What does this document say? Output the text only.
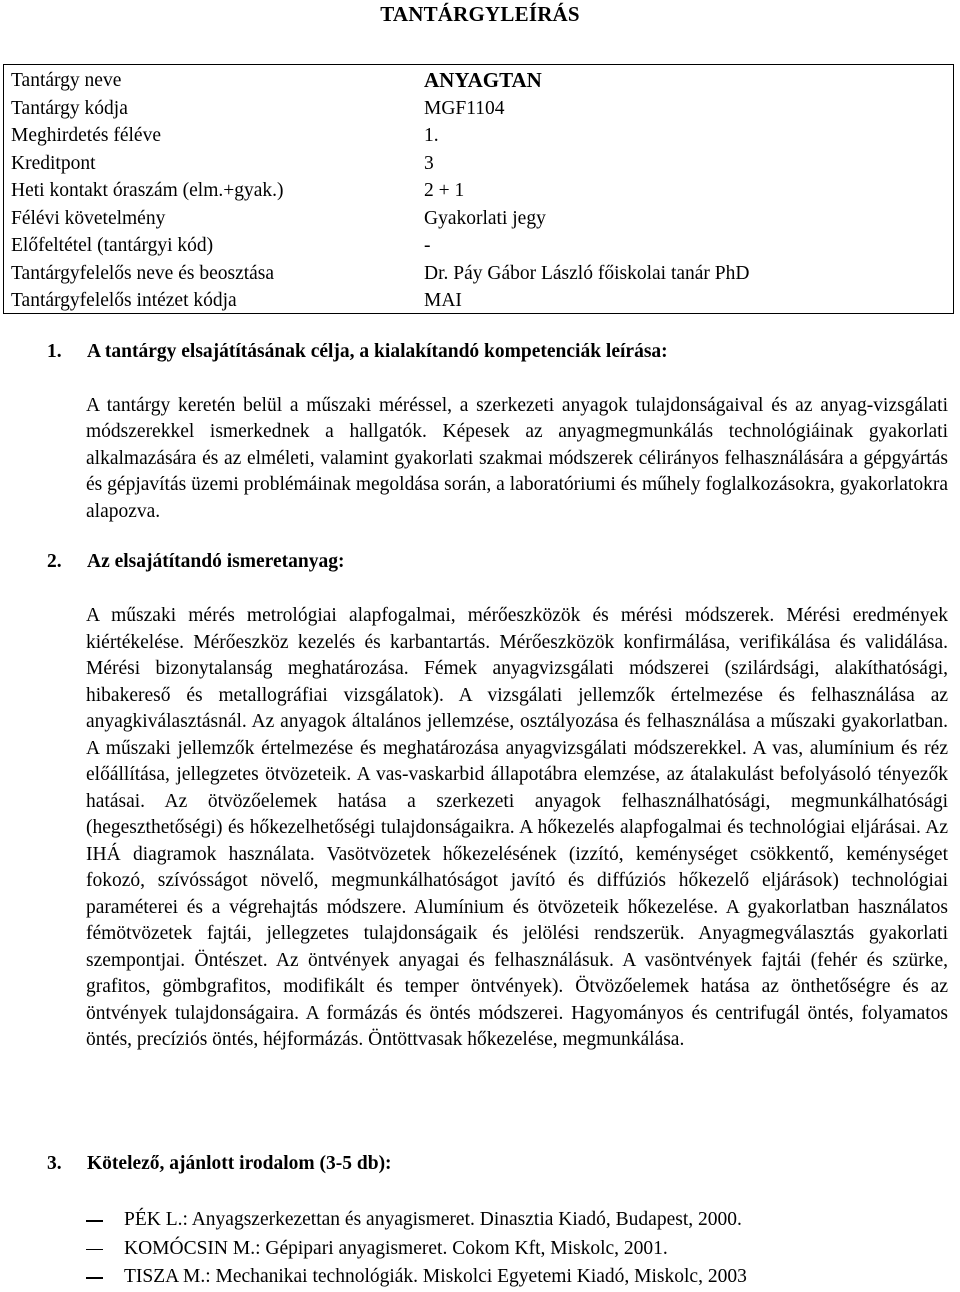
TANTÁRGYLEÍRÁS
Tantárgy neve	ANYAGTAN
Tantárgy kódja	MGF1104
Meghirdetés féléve	1.
Kreditpont	3
Heti kontakt óraszám (elm.+gyak.)	2 + 1
Félévi követelmény	Gyakorlati jegy
Előfeltétel (tantárgyi kód)	-
Tantárgyfelelős neve és beosztása	Dr. Páy Gábor László főiskolai tanár PhD
Tantárgyfelelős intézet kódja	MAI
1. A tantárgy elsajátításának célja, a kialakítandó kompetenciák leírása:
A tantárgy keretén belül a műszaki méréssel, a szerkezeti anyagok tulajdonságaival és az anyag-vizsgálati módszerekkel ismerkednek a hallgatók. Képesek az anyagmegmunkálás technológiáinak gyakorlati alkalmazására és az elméleti, valamint gyakorlati szakmai módszerek célirányos felhasználására a gépgyártás és gépjavítás üzemi problémáinak megoldása során, a laboratóriumi és műhely foglalkozásokra, gyakorlatokra alapozva.
2. Az elsajátítandó ismeretanyag:
A műszaki mérés metrológiai alapfogalmai, mérőeszközök és mérési módszerek. Mérési eredmények kiértékelése. Mérőeszköz kezelés és karbantartás. Mérőeszközök konfirmálása, verifikálása és validálása. Mérési bizonytalanság meghatározása. Fémek anyagvizsgálati módszerei (szilárdsági, alakíthatósági, hibakereső és metallográfiai vizsgálatok). A vizsgálati jellemzők értelmezése és felhasználása az anyagkiválasztásnál. Az anyagok általános jellemzése, osztályozása és felhasználása a műszaki gyakorlatban. A műszaki jellemzők értelmezése és meghatározása anyagvizsgálati módszerekkel. A vas, alumínium és réz előállítása, jellegzetes ötvözeteik. A vas-vaskarbid állapotábra elemzése, az átalakulást befolyásoló tényezők hatásai. Az ötvözőelemek hatása a szerkezeti anyagok felhasználhatósági, megmunkálhatósági (hegeszthetőségi) és hőkezelhetőségi tulajdonságaikra. A hőkezelés alapfogalmai és technológiai eljárásai. Az IHÁ diagramok használata. Vasötvözetek hőkezelésének (izzító, keménységet csökkentő, keménységet fokozó, szívósságot növelő, megmunkálhatóságot javító és diffúziós hőkezelő eljárások) technológiai paraméterei és a végrehajtás módszere. Alumínium és ötvözeteik hőkezelése. A gyakorlatban használatos fémötvözetek fajtái, jellegzetes tulajdonságaik és jelölési rendszerük. Anyagmegválasztás gyakorlati szempontjai. Öntészet. Az öntvények anyagai és felhasználásuk. A vasöntvények fajtái (fehér és szürke, grafitos, gömbgrafitos, modifikált és temper öntvények). Ötvözőelemek hatása az önthetőségre és az öntvények tulajdonságaira. A formázás és öntés módszerei. Hagyományos és centrifugál öntés, folyamatos öntés, precíziós öntés, héjformázás. Öntöttvasak hőkezelése, megmunkálása.
3. Kötelező, ajánlott irodalom (3-5 db):
PÉK L.: Anyagszerkezettan és anyagismeret. Dinasztia Kiadó, Budapest, 2000.
KOMÓCSIN M.: Gépipari anyagismeret. Cokom Kft, Miskolc, 2001.
TISZA M.: Mechanikai technológiák. Miskolci Egyetemi Kiadó, Miskolc, 2003
